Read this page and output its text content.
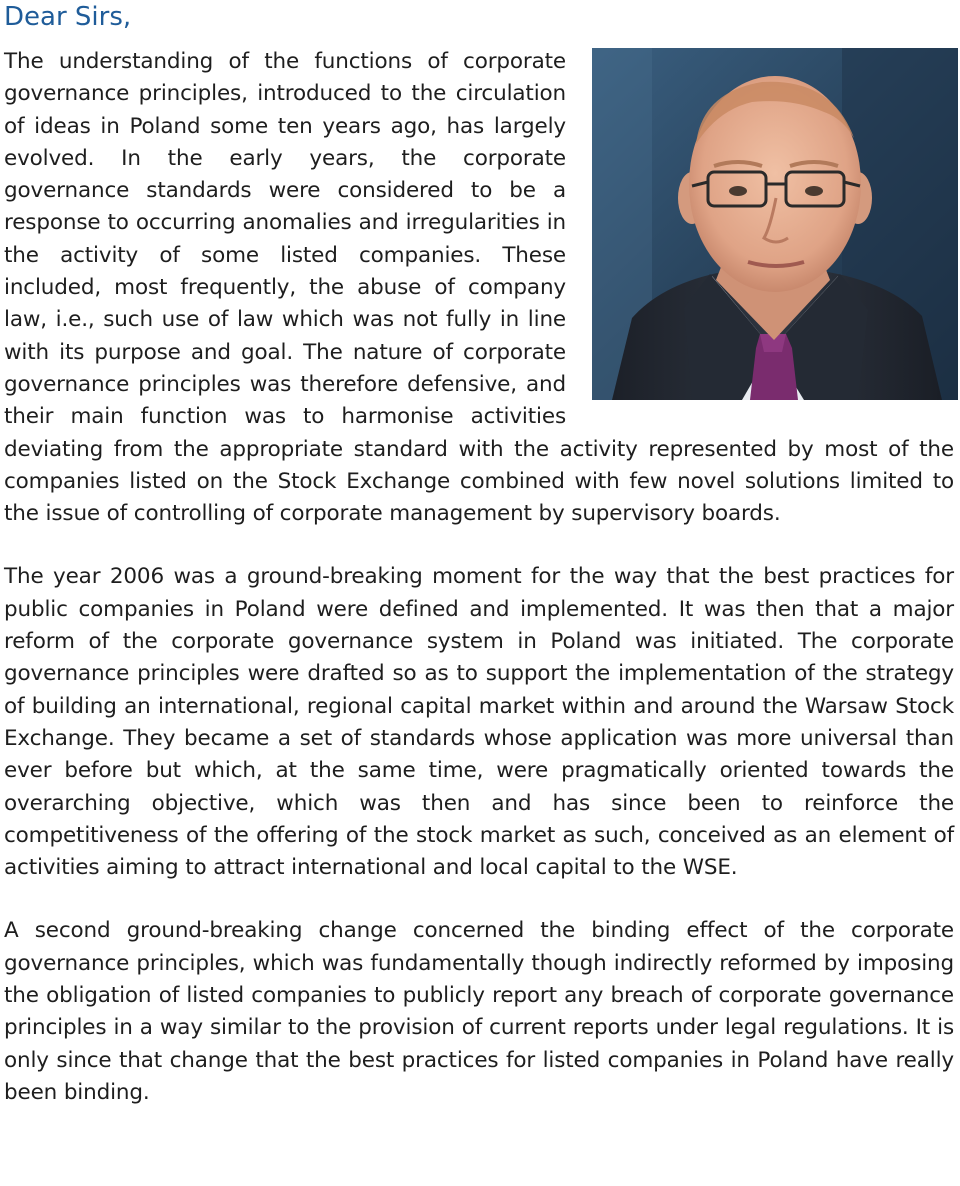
Dear Sirs,

The understanding of the functions of corporate governance principles, introduced to the circulation of ideas in Poland some ten years ago, has largely evolved. In the early years, the corporate governance standards were considered to be a response to occurring anomalies and irregularities in the activity of some listed companies. These included, most frequently, the abuse of company law, i.e., such use of law which was not fully in line with its purpose and goal. The nature of corporate governance principles was therefore defensive, and their main function was to harmonise activities deviating from the appropriate standard with the activity represented by most of the companies listed on the Stock Exchange combined with few novel solutions limited to the issue of controlling of corporate management by supervisory boards.

The year 2006 was a ground-breaking moment for the way that the best practices for public companies in Poland were defined and implemented. It was then that a major reform of the corporate governance system in Poland was initiated. The corporate governance principles were drafted so as to support the implementation of the strategy of building an international, regional capital market within and around the Warsaw Stock Exchange. They became a set of standards whose application was more universal than ever before but which, at the same time, were pragmatically oriented towards the overarching objective, which was then and has since been to reinforce the competitiveness of the offering of the stock market as such, conceived as an element of activities aiming to attract international and local capital to the WSE.

A second ground-breaking change concerned the binding effect of the corporate governance principles, which was fundamentally though indirectly reformed by imposing the obligation of listed companies to publicly report any breach of corporate governance principles in a way similar to the provision of current reports under legal regulations. It is only since that change that the best practices for listed companies in Poland have really been binding.
